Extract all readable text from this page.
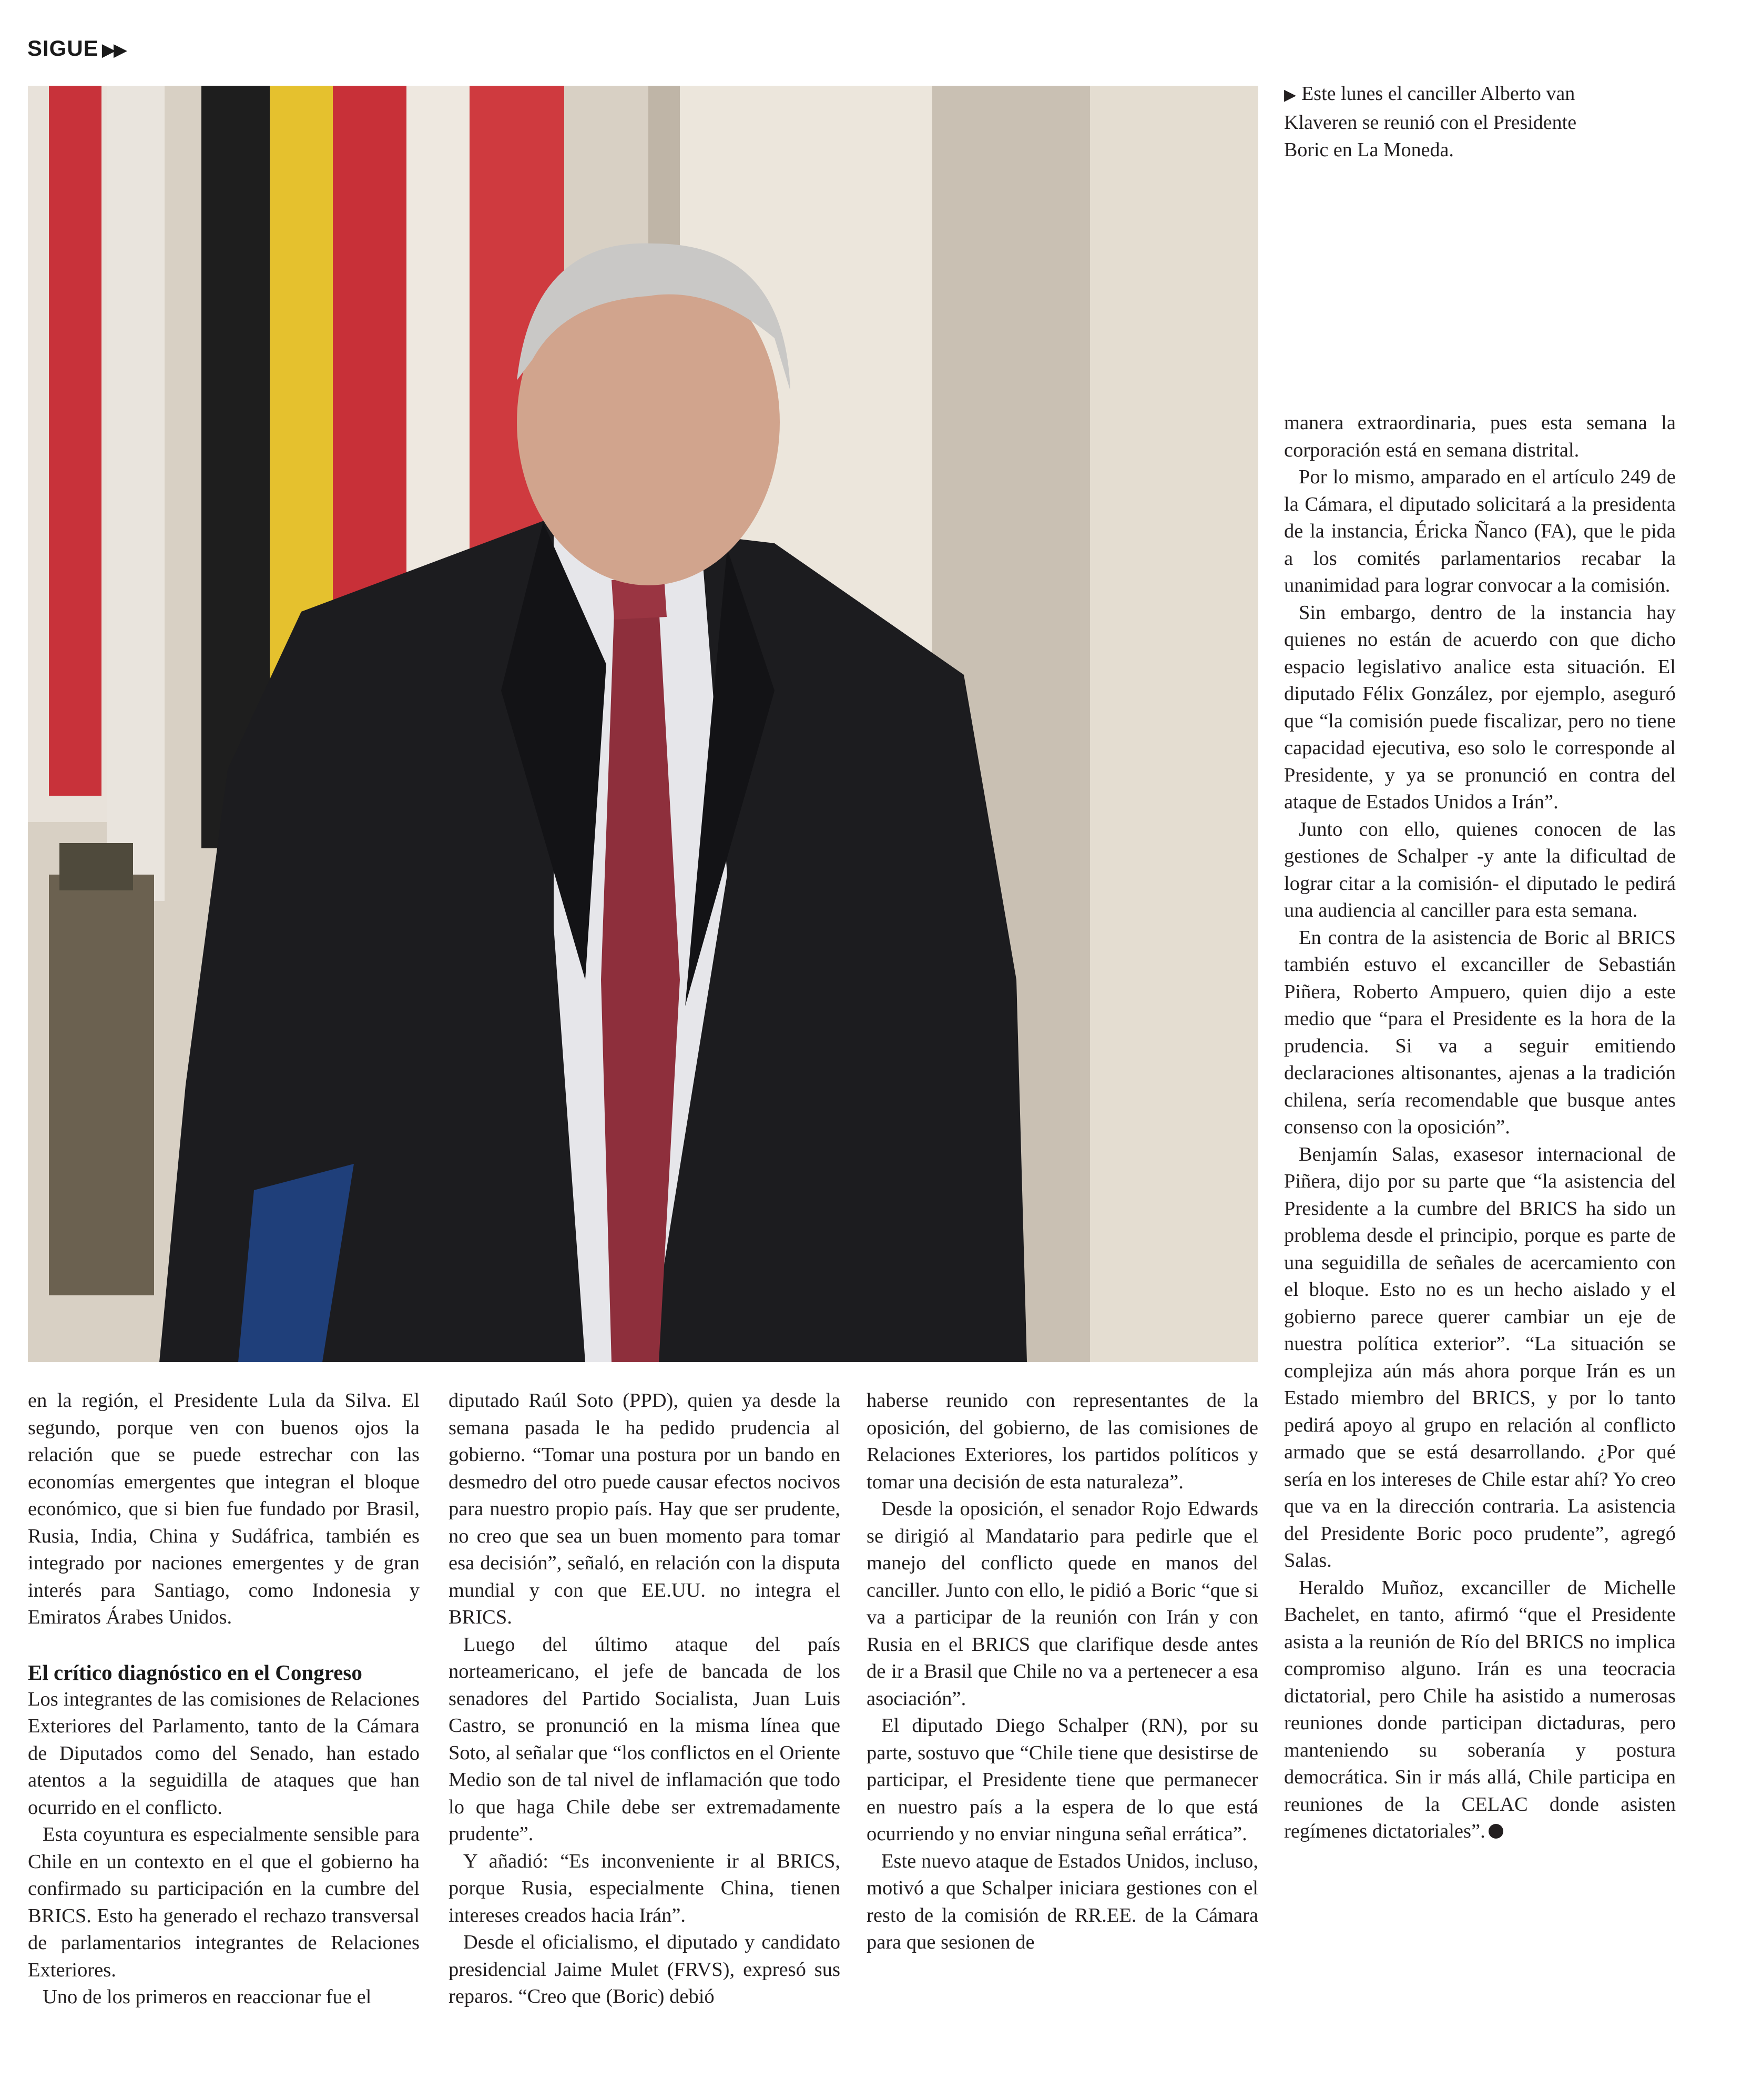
SIGUE ▶▶
▶ Este lunes el canciller Alberto van Klaveren se reunió con el Presidente Boric en La Moneda.

en la región, el Presidente Lula da Silva. El segundo, porque ven con buenos ojos la relación que se puede estrechar con las economías emergentes que integran el bloque económico, que si bien fue fundado por Brasil, Rusia, India, China y Sudáfrica, también es integrado por naciones emergentes y de gran interés para Santiago, como Indonesia y Emiratos Árabes Unidos.

El crítico diagnóstico en el Congreso

Los integrantes de las comisiones de Relaciones Exteriores del Parlamento, tanto de la Cámara de Diputados como del Senado, han estado atentos a la seguidilla de ataques que han ocurrido en el conflicto.

Esta coyuntura es especialmente sensible para Chile en un contexto en el que el gobierno ha confirmado su participación en la cumbre del BRICS. Esto ha generado el rechazo transversal de parlamentarios integrantes de Relaciones Exteriores.

Uno de los primeros en reaccionar fue el

diputado Raúl Soto (PPD), quien ya desde la semana pasada le ha pedido prudencia al gobierno. “Tomar una postura por un bando en desmedro del otro puede causar efectos nocivos para nuestro propio país. Hay que ser prudente, no creo que sea un buen momento para tomar esa decisión”, señaló, en relación con la disputa mundial y con que EE.UU. no integra el BRICS.

Luego del último ataque del país norteamericano, el jefe de bancada de los senadores del Partido Socialista, Juan Luis Castro, se pronunció en la misma línea que Soto, al señalar que “los conflictos en el Oriente Medio son de tal nivel de inflamación que todo lo que haga Chile debe ser extremadamente prudente”.

Y añadió: “Es inconveniente ir al BRICS, porque Rusia, especialmente China, tienen intereses creados hacia Irán”.

Desde el oficialismo, el diputado y candidato presidencial Jaime Mulet (FRVS), expresó sus reparos. “Creo que (Boric) debió

haberse reunido con representantes de la oposición, del gobierno, de las comisiones de Relaciones Exteriores, los partidos políticos y tomar una decisión de esta naturaleza”.

Desde la oposición, el senador Rojo Edwards se dirigió al Mandatario para pedirle que el manejo del conflicto quede en manos del canciller. Junto con ello, le pidió a Boric “que si va a participar de la reunión con Irán y con Rusia en el BRICS que clarifique desde antes de ir a Brasil que Chile no va a pertenecer a esa asociación”.

El diputado Diego Schalper (RN), por su parte, sostuvo que “Chile tiene que desistirse de participar, el Presidente tiene que permanecer en nuestro país a la espera de lo que está ocurriendo y no enviar ninguna señal errática”.

Este nuevo ataque de Estados Unidos, incluso, motivó a que Schalper iniciara gestiones con el resto de la comisión de RR.EE. de la Cámara para que sesionen de

manera extraordinaria, pues esta semana la corporación está en semana distrital.

Por lo mismo, amparado en el artículo 249 de la Cámara, el diputado solicitará a la presidenta de la instancia, Éricka Ñanco (FA), que le pida a los comités parlamentarios recabar la unanimidad para lograr convocar a la comisión.

Sin embargo, dentro de la instancia hay quienes no están de acuerdo con que dicho espacio legislativo analice esta situación. El diputado Félix González, por ejemplo, aseguró que “la comisión puede fiscalizar, pero no tiene capacidad ejecutiva, eso solo le corresponde al Presidente, y ya se pronunció en contra del ataque de Estados Unidos a Irán”.

Junto con ello, quienes conocen de las gestiones de Schalper -y ante la dificultad de lograr citar a la comisión- el diputado le pedirá una audiencia al canciller para esta semana.

En contra de la asistencia de Boric al BRICS también estuvo el excanciller de Sebastián Piñera, Roberto Ampuero, quien dijo a este medio que “para el Presidente es la hora de la prudencia. Si va a seguir emitiendo declaraciones altisonantes, ajenas a la tradición chilena, sería recomendable que busque antes consenso con la oposición”.

Benjamín Salas, exasesor internacional de Piñera, dijo por su parte que “la asistencia del Presidente a la cumbre del BRICS ha sido un problema desde el principio, porque es parte de una seguidilla de señales de acercamiento con el bloque. Esto no es un hecho aislado y el gobierno parece querer cambiar un eje de nuestra política exterior”. “La situación se complejiza aún más ahora porque Irán es un Estado miembro del BRICS, y por lo tanto pedirá apoyo al grupo en relación al conflicto armado que se está desarrollando. ¿Por qué sería en los intereses de Chile estar ahí? Yo creo que va en la dirección contraria. La asistencia del Presidente Boric poco prudente”, agregó Salas.

Heraldo Muñoz, excanciller de Michelle Bachelet, en tanto, afirmó “que el Presidente asista a la reunión de Río del BRICS no implica compromiso alguno. Irán es una teocracia dictatorial, pero Chile ha asistido a numerosas reuniones donde participan dictaduras, pero manteniendo su soberanía y postura democrática. Sin ir más allá, Chile participa en reuniones de la CELAC donde asisten regímenes dictatoriales”.
